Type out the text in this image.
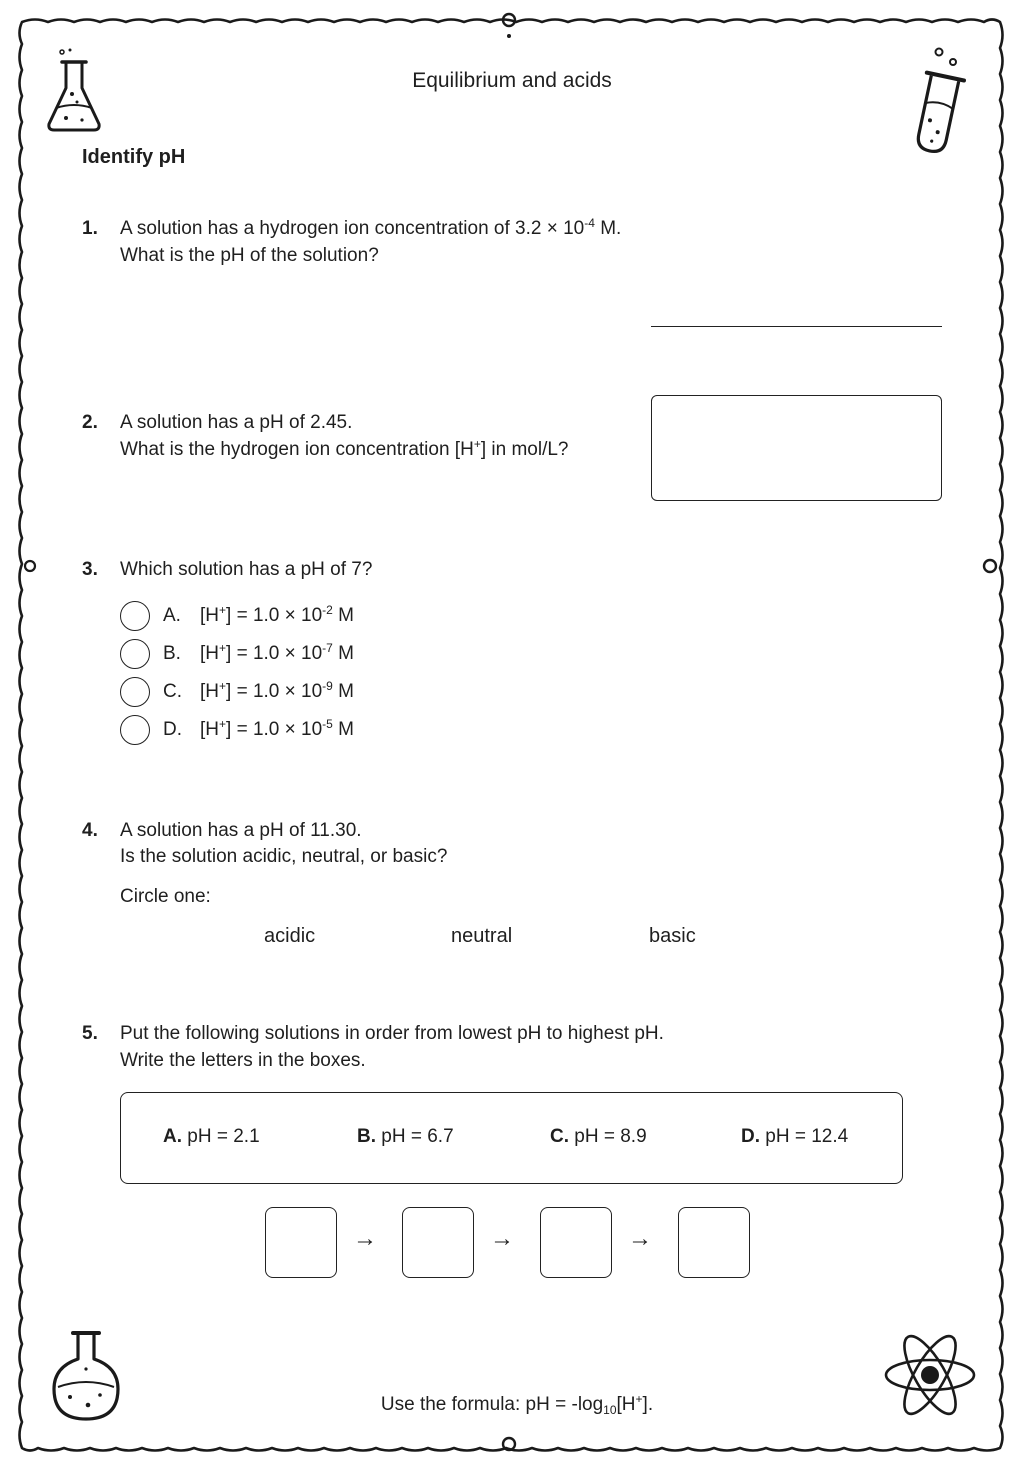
Equilibrium and acids
Identify pH
1. A solution has a hydrogen ion concentration of $3.2 \times 10^{-4}$ M.
What is the pH of the solution?
2. A solution has a pH of 2.45.
What is the hydrogen ion concentration [H+] in mol/L?
3. Which solution has a pH of 7?
A.	$[H^+] = 1.0 \times 10^{-2}$ M
B.	$[H^+] = 1.0 \times 10^{-7}$ M
C. $[H^+] = 1.0 \times 10^{-9}$ M
D. $[H^+] = 1.0 \times 10^{-5}$ M
4. A solution has a pH of 11.30.
Is the solution acidic, neutral, or basic?
Circle one:
acidic	neutral	basic
5. Put the following solutions in order from lowest pH to highest pH.
Write the letters in the boxes.
A. pH = 2.1	B. pH = 6.7	C. pH = 8.9	D. pH = 12.4
→	→	→
Use the formula: pH = $-\log_{10}[H^+]$.
